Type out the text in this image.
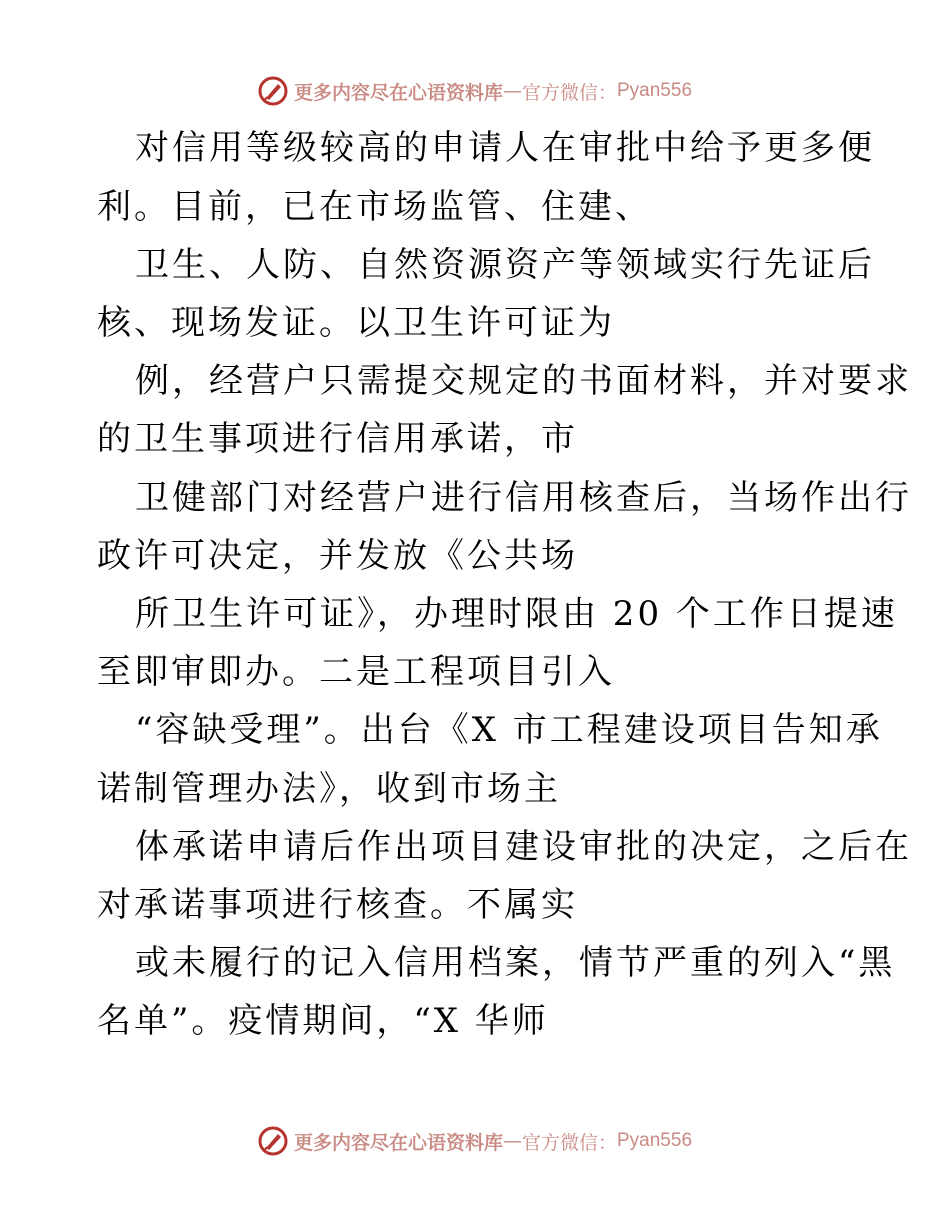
更多内容尽在心语资料库 — 官方微信： Pyan556
对信用等级较高的申请人在审批中给予更多便
利。目前，已在市场监管、住建、
卫生、人防、自然资源资产等领域实行先证后
核、现场发证。以卫生许可证为
例，经营户只需提交规定的书面材料，并对要求
的卫生事项进行信用承诺，市
卫健部门对经营户进行信用核查后，当场作出行
政许可决定，并发放《公共场
所卫生许可证》，办理时限由 20 个工作日提速
至即审即办。二是工程项目引入
“容缺受理”。出台《X 市工程建设项目告知承
诺制管理办法》，收到市场主
体承诺申请后作出项目建设审批的决定，之后在
对承诺事项进行核查。不属实
或未履行的记入信用档案，情节严重的列入“黑
名单”。疫情期间，“X 华师
更多内容尽在心语资料库 — 官方微信： Pyan556
